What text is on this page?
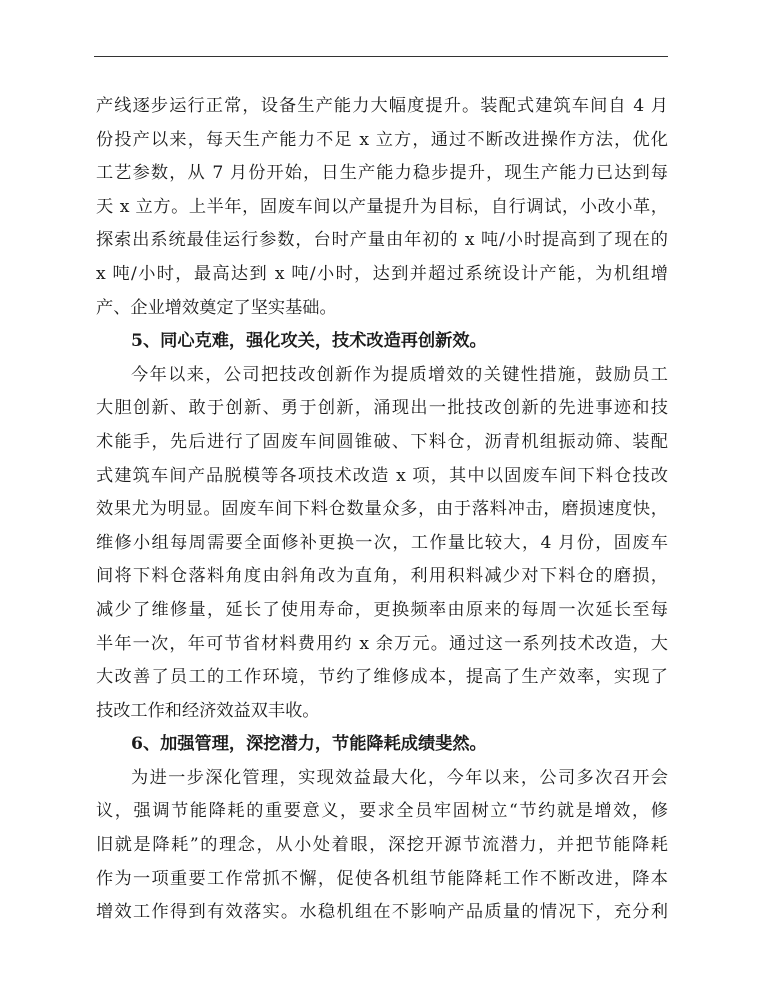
产线逐步运行正常，设备生产能力大幅度提升。装配式建筑车间自 4 月
份投产以来，每天生产能力不足 x 立方，通过不断改进操作方法，优化
工艺参数，从 7 月份开始，日生产能力稳步提升，现生产能力已达到每
天 x 立方。上半年，固废车间以产量提升为目标，自行调试，小改小革，
探索出系统最佳运行参数，台时产量由年初的 x 吨/小时提高到了现在的
x 吨/小时，最高达到 x 吨/小时，达到并超过系统设计产能，为机组增
产、企业增效奠定了坚实基础。
5、同心克难，强化攻关，技术改造再创新效。
今年以来，公司把技改创新作为提质增效的关键性措施，鼓励员工
大胆创新、敢于创新、勇于创新，涌现出一批技改创新的先进事迹和技
术能手，先后进行了固废车间圆锥破、下料仓，沥青机组振动筛、装配
式建筑车间产品脱模等各项技术改造 x 项，其中以固废车间下料仓技改
效果尤为明显。固废车间下料仓数量众多，由于落料冲击，磨损速度快，
维修小组每周需要全面修补更换一次，工作量比较大，4 月份，固废车
间将下料仓落料角度由斜角改为直角，利用积料减少对下料仓的磨损，
减少了维修量，延长了使用寿命，更换频率由原来的每周一次延长至每
半年一次，年可节省材料费用约 x 余万元。通过这一系列技术改造，大
大改善了员工的工作环境，节约了维修成本，提高了生产效率，实现了
技改工作和经济效益双丰收。
6、加强管理，深挖潜力，节能降耗成绩斐然。
为进一步深化管理，实现效益最大化，今年以来，公司多次召开会
议，强调节能降耗的重要意义，要求全员牢固树立“节约就是增效，修
旧就是降耗”的理念，从小处着眼，深挖开源节流潜力，并把节能降耗
作为一项重要工作常抓不懈，促使各机组节能降耗工作不断改进，降本
增效工作得到有效落实。水稳机组在不影响产品质量的情况下，充分利
